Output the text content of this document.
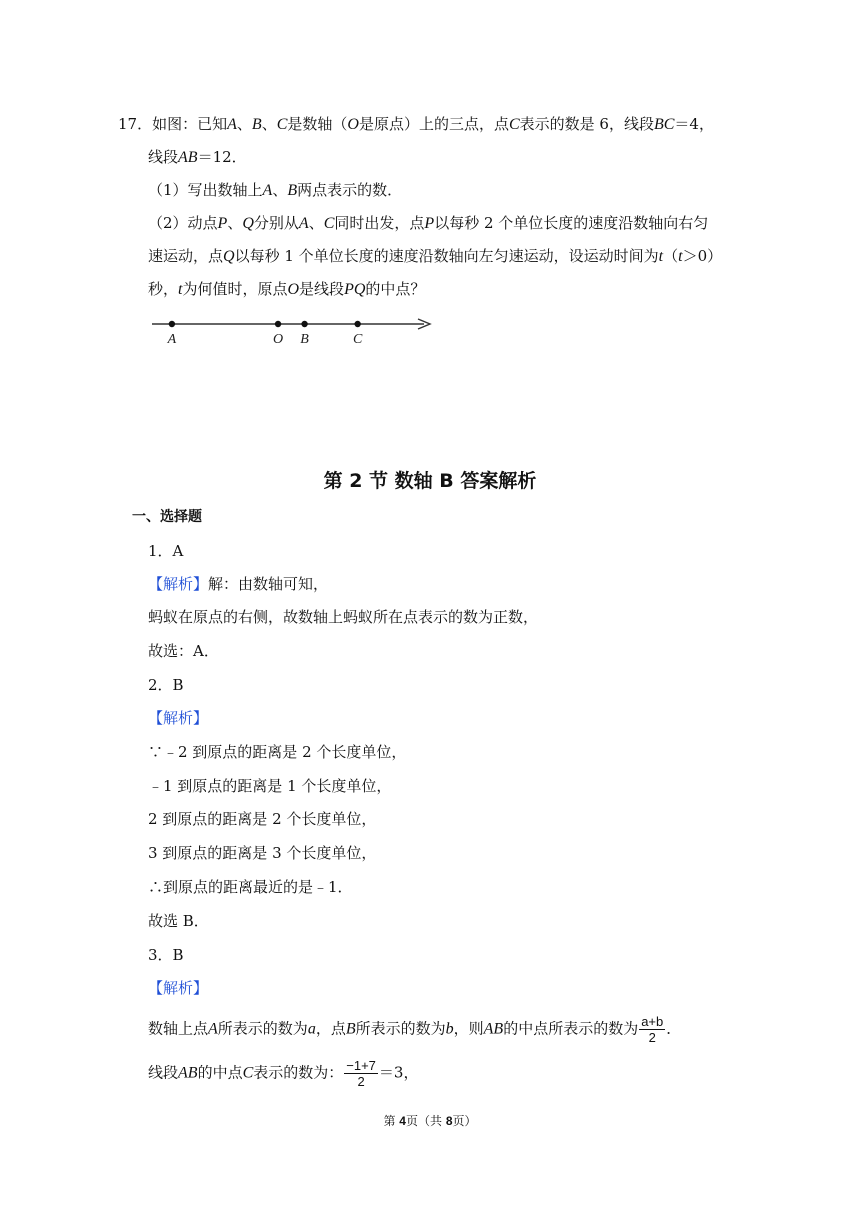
17．如图：已知A、B、C是数轴（O是原点）上的三点，点C表示的数是 6，线段BC＝4，
线段AB＝12．
（1）写出数轴上A、B两点表示的数．
（2）动点P、Q分别从A、C同时出发，点P以每秒 2 个单位长度的速度沿数轴向右匀
速运动，点Q以每秒 1 个单位长度的速度沿数轴向左匀速运动，设运动时间为t（t＞0）
秒，t为何值时，原点O是线段PQ的中点？
A	O B	C
第 2 节 数轴 B 答案解析
一、选择题
1．A
【解析】解：由数轴可知，
蚂蚁在原点的右侧，故数轴上蚂蚁所在点表示的数为正数，
故选：A．
2．B
【解析】
∵﹣2 到原点的距离是 2 个长度单位，
﹣1 到原点的距离是 1 个长度单位，
2 到原点的距离是 2 个长度单位，
3 到原点的距离是 3 个长度单位，
∴到原点的距离最近的是﹣1．
故选 B．
3．B
【解析】
数轴上点A所表示的数为a，点B所表示的数为b，则AB的中点所表示的数为 $\frac{a+b}{2}$ ．
线段AB的中点C表示的数为： $\frac{-1+7}{2} =3$，
第 4页（共 8页）
